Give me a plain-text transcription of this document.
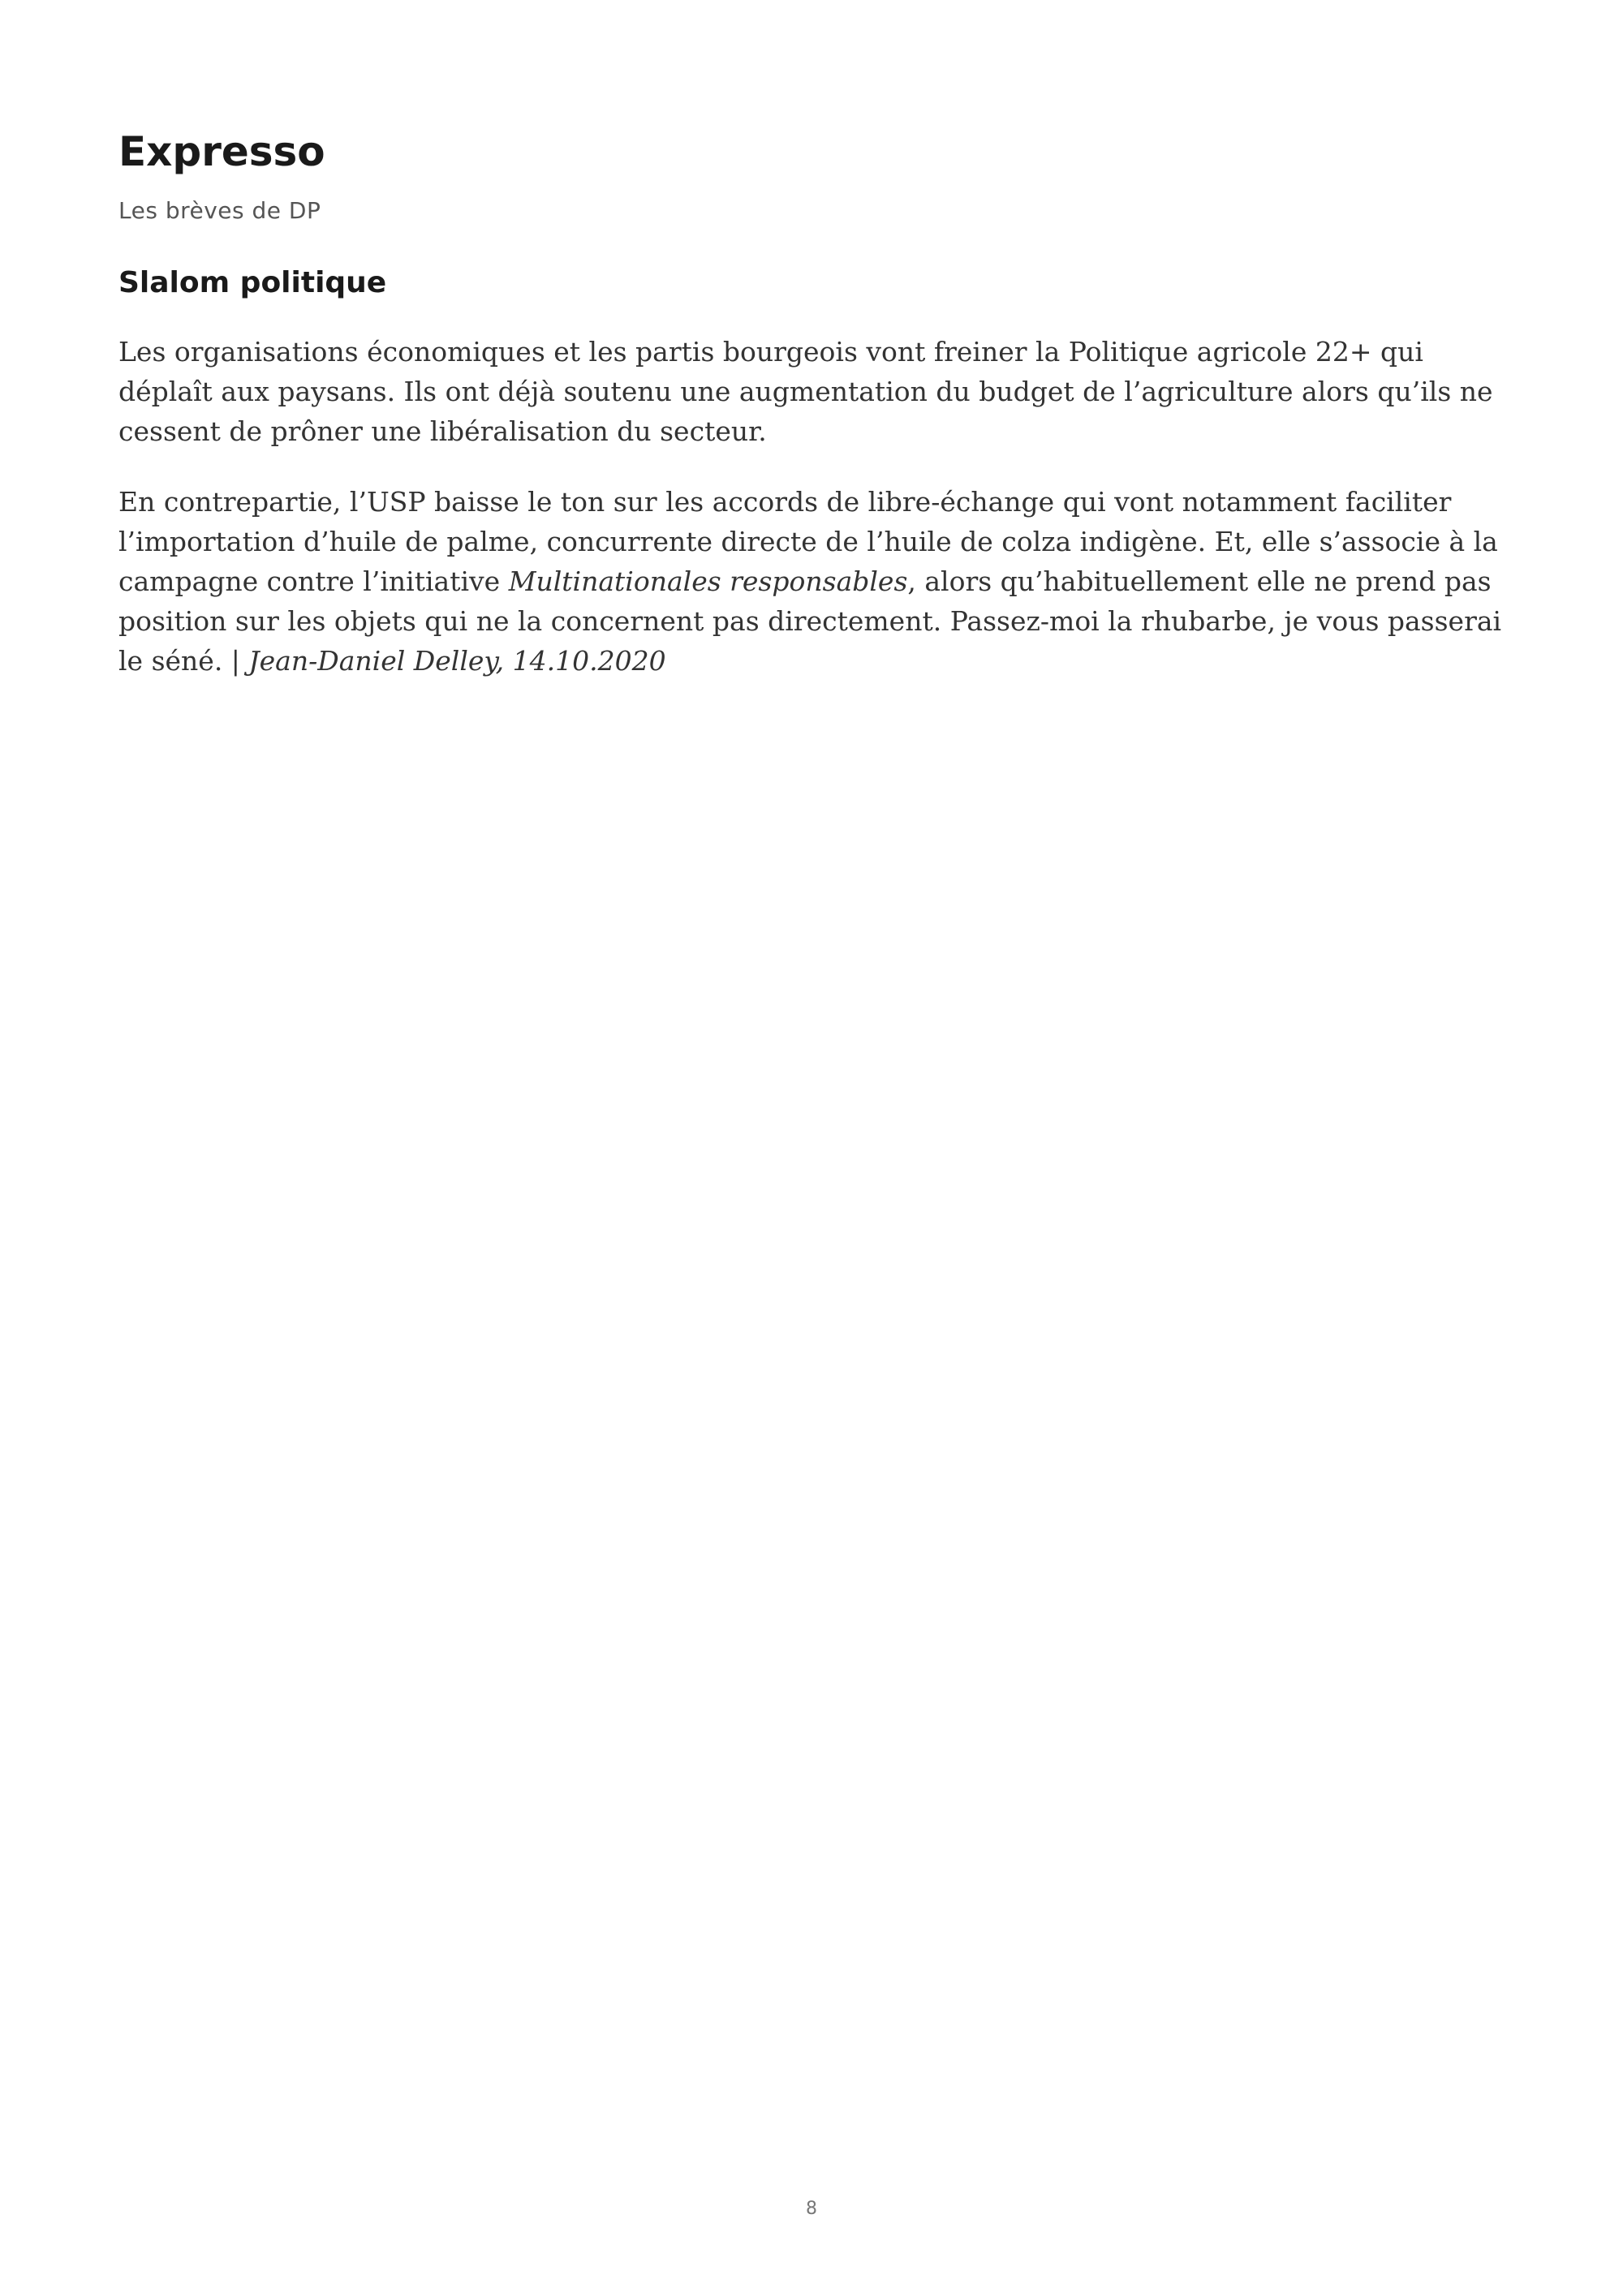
Expresso
Les brèves de DP
Slalom politique

Les organisations économiques et les partis bourgeois vont freiner la Politique agricole 22+ qui déplaît aux paysans. Ils ont déjà soutenu une augmentation du budget de l’agriculture alors qu’ils ne cessent de prôner une libéralisation du secteur.

En contrepartie, l’USP baisse le ton sur les accords de libre-échange qui vont notamment faciliter l’importation d’huile de palme, concurrente directe de l’huile de colza indigène. Et, elle s’associe à la campagne contre l’initiative Multinationales responsables, alors qu’habituellement elle ne prend pas position sur les objets qui ne la concernent pas directement. Passez-moi la rhubarbe, je vous passerai le séné. | Jean-Daniel Delley, 14.10.2020

8
